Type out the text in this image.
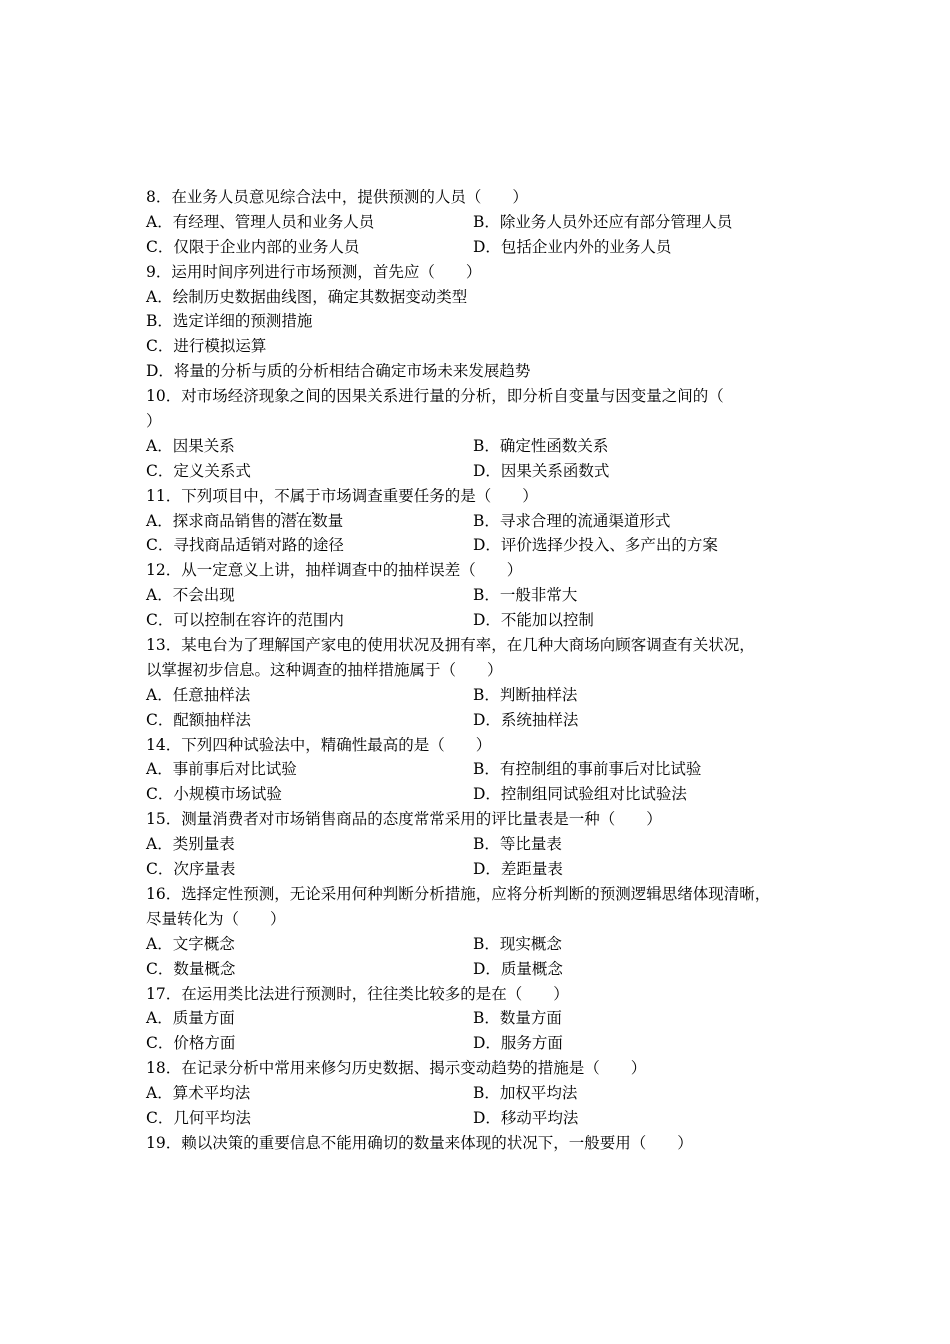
8．在业务人员意见综合法中，提供预测的人员（　　）
A．有经理、管理人员和业务人员	B．除业务人员外还应有部分管理人员
C．仅限于企业内部的业务人员	D．包括企业内外的业务人员
9．运用时间序列进行市场预测，首先应（　　）
A．绘制历史数据曲线图，确定其数据变动类型
B．选定详细的预测措施
C．进行模拟运算
D．将量的分析与质的分析相结合确定市场未来发展趋势
10．对市场经济现象之间的因果关系进行量的分析，即分析自变量与因变量之间的（
）
A．因果关系	B．确定性函数关系
C．定义关系式	D．因果关系函数式
11．下列项目中，不属于市场调查重要任务的是（　　）
A．探求商品销售的潜在数量	B．寻求合理的流通渠道形式
C．寻找商品适销对路的途径	D．评价选择少投入、多产出的方案
12．从一定意义上讲，抽样调查中的抽样误差（　　）
A．不会出现	B．一般非常大
C．可以控制在容许的范围内	D．不能加以控制
13．某电台为了理解国产家电的使用状况及拥有率，在几种大商场向顾客调查有关状况，
以掌握初步信息。这种调查的抽样措施属于（　　）
A．任意抽样法	B．判断抽样法
C．配额抽样法	D．系统抽样法
14．下列四种试验法中，精确性最高的是（　　）
A．事前事后对比试验	B．有控制组的事前事后对比试验
C．小规模市场试验	D．控制组同试验组对比试验法
15．测量消费者对市场销售商品的态度常常采用的评比量表是一种（　　）
A．类别量表	B．等比量表
C．次序量表	D．差距量表
16．选择定性预测，无论采用何种判断分析措施，应将分析判断的预测逻辑思绪体现清晰，
尽量转化为（　　）
A．文字概念	B．现实概念
C．数量概念	D．质量概念
17．在运用类比法进行预测时，往往类比较多的是在（　　）
A．质量方面	B．数量方面
C．价格方面	D．服务方面
18．在记录分析中常用来修匀历史数据、揭示变动趋势的措施是（　　）
A．算术平均法	B．加权平均法
C．几何平均法	D．移动平均法
19．赖以决策的重要信息不能用确切的数量来体现的状况下，一般要用（　　）
